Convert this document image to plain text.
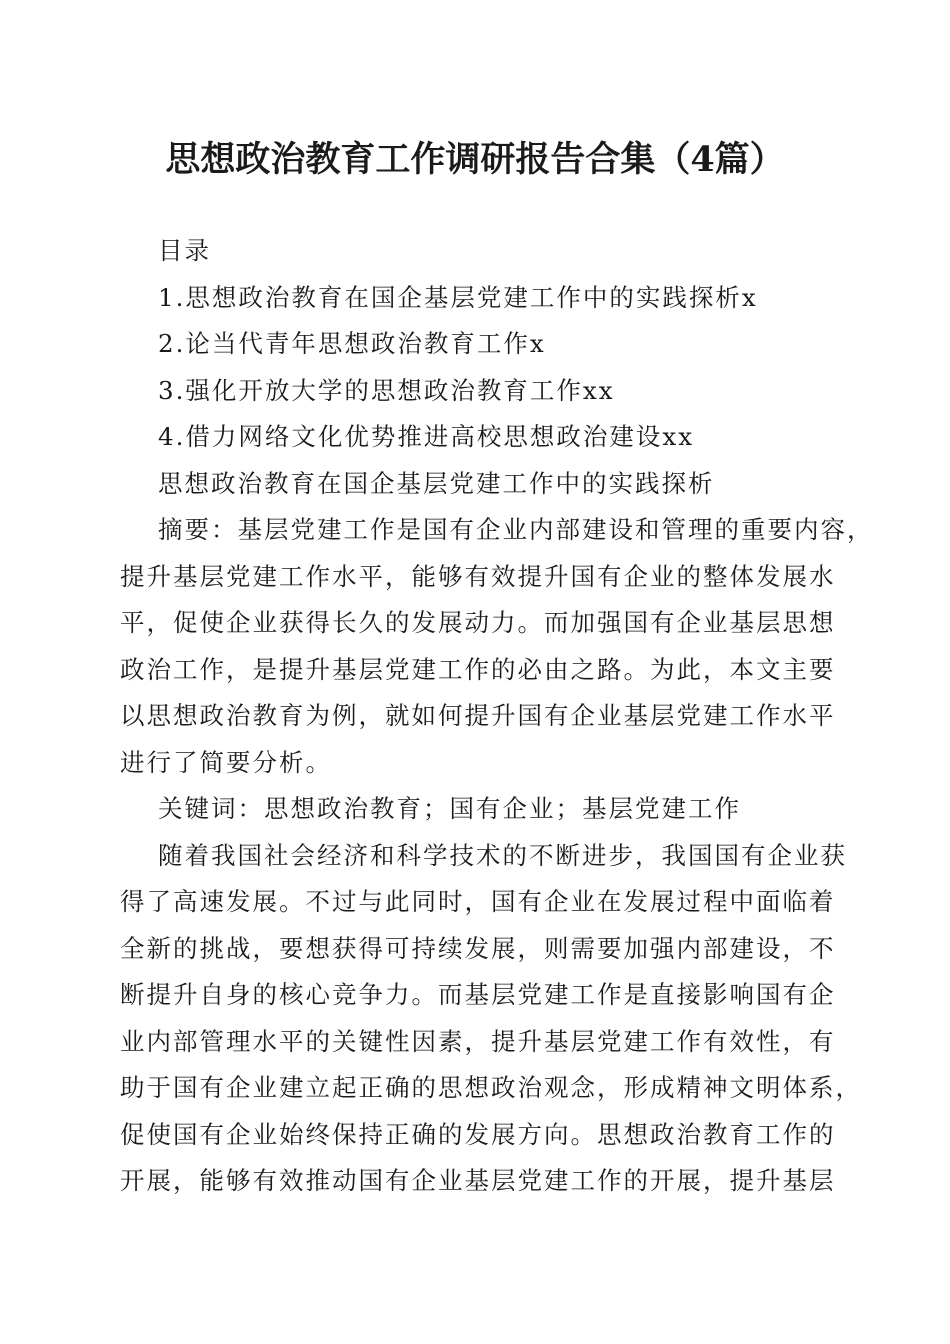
思想政治教育工作调研报告合集（4篇）
目录
1.思想政治教育在国企基层党建工作中的实践探析x
2.论当代青年思想政治教育工作x
3.强化开放大学的思想政治教育工作xx
4.借力网络文化优势推进高校思想政治建设xx
思想政治教育在国企基层党建工作中的实践探析
摘要：基层党建工作是国有企业内部建设和管理的重要内容，
提升基层党建工作水平，能够有效提升国有企业的整体发展水
平，促使企业获得长久的发展动力。而加强国有企业基层思想
政治工作，是提升基层党建工作的必由之路。为此，本文主要
以思想政治教育为例，就如何提升国有企业基层党建工作水平
进行了简要分析。
关键词：思想政治教育；国有企业；基层党建工作
随着我国社会经济和科学技术的不断进步，我国国有企业获
得了高速发展。不过与此同时，国有企业在发展过程中面临着
全新的挑战，要想获得可持续发展，则需要加强内部建设，不
断提升自身的核心竞争力。而基层党建工作是直接影响国有企
业内部管理水平的关键性因素，提升基层党建工作有效性，有
助于国有企业建立起正确的思想政治观念，形成精神文明体系，
促使国有企业始终保持正确的发展方向。思想政治教育工作的
开展，能够有效推动国有企业基层党建工作的开展，提升基层
